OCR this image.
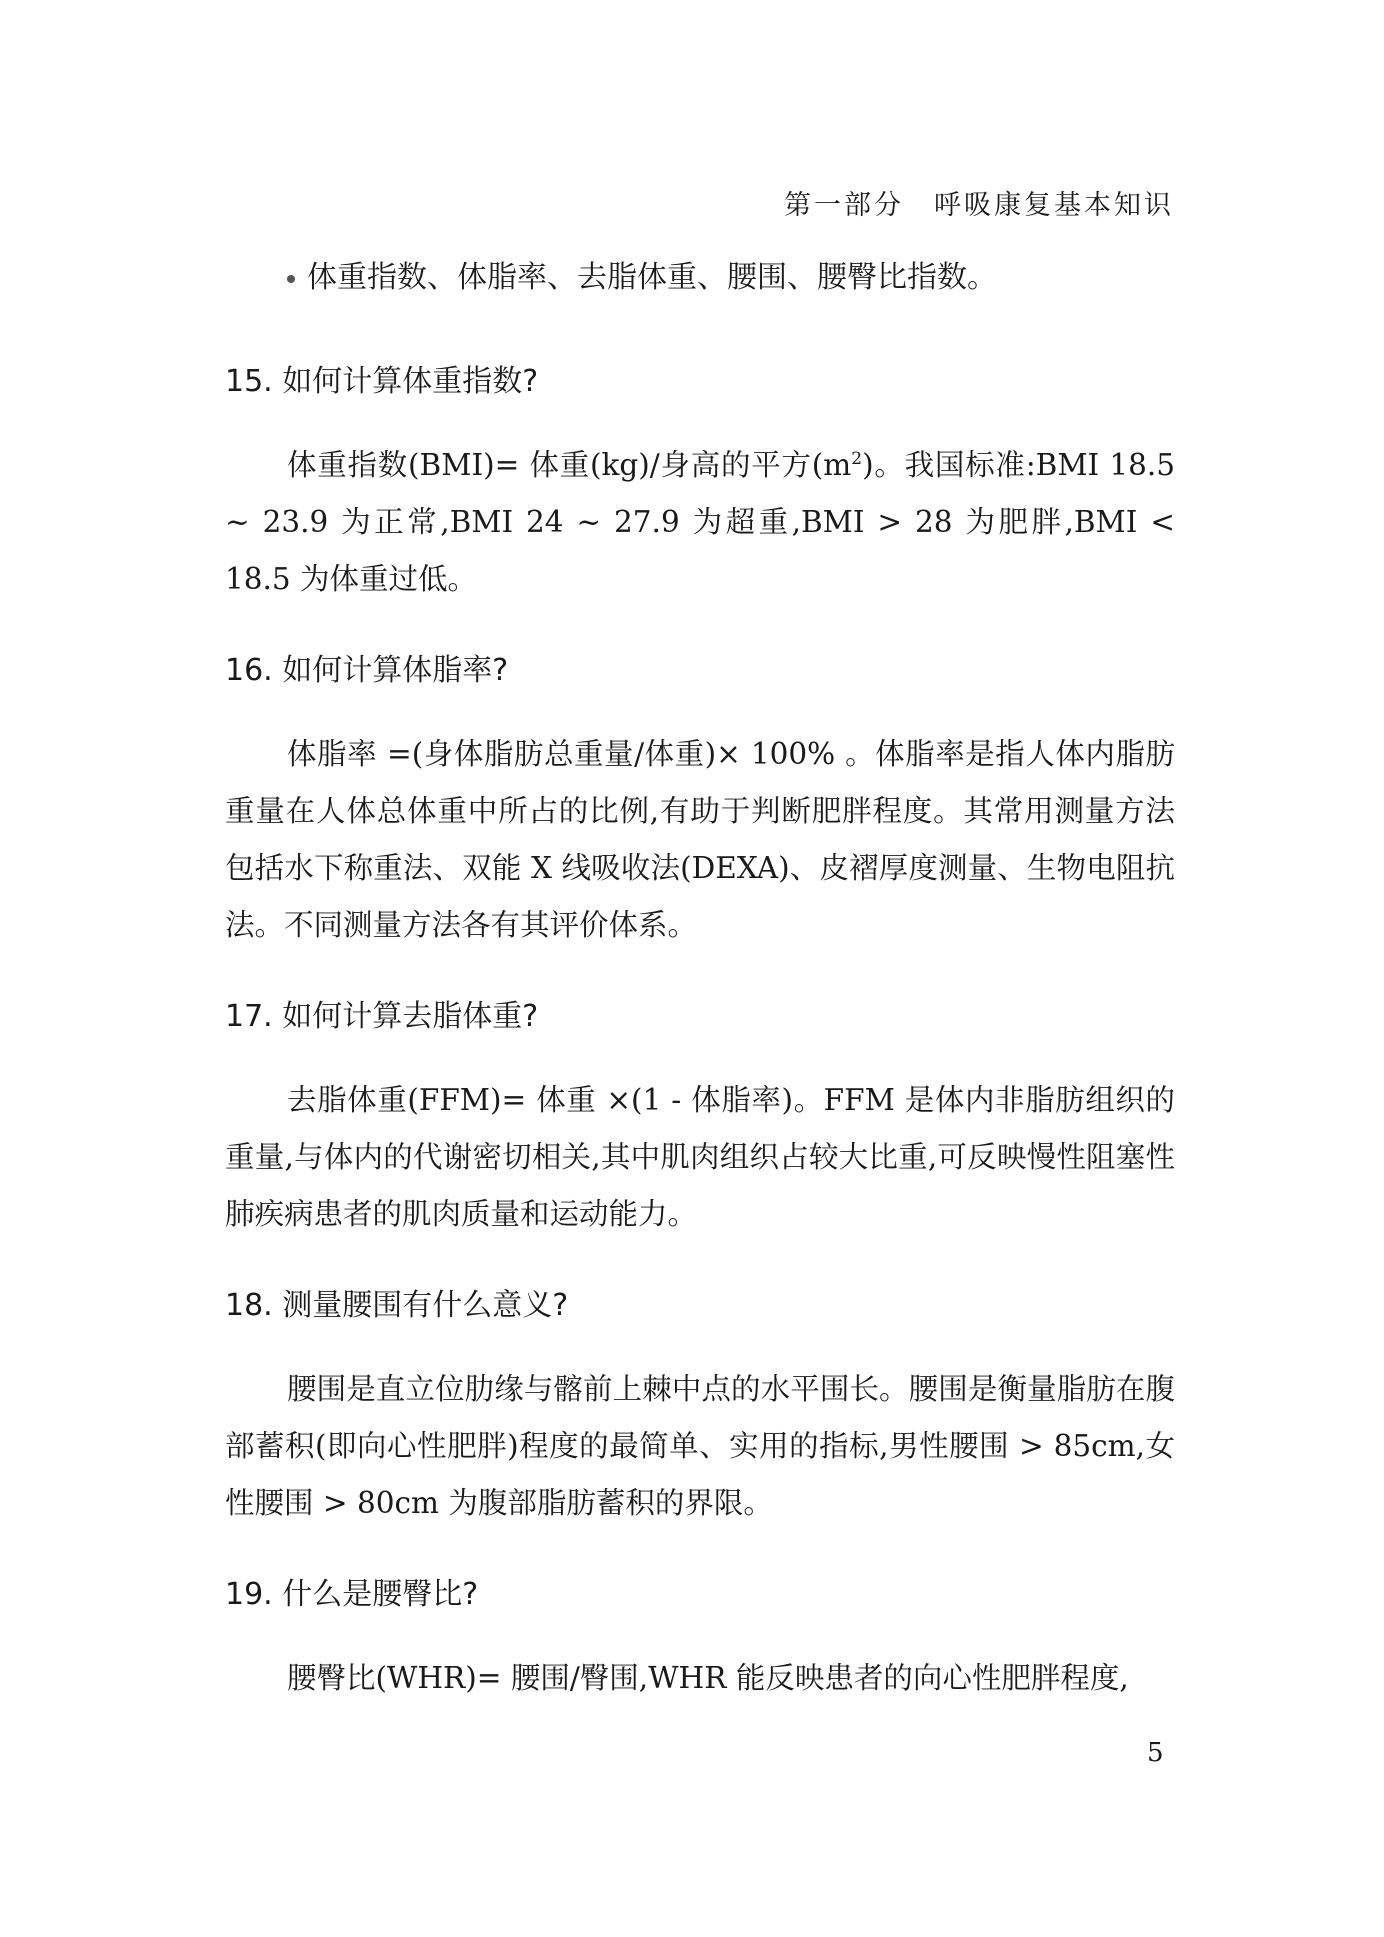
第一部分　呼吸康复基本知识
体重指数、体脂率、去脂体重、腰围、腰臀比指数。
15. 如何计算体重指数?

体重指数(BMI)= 体重(kg)/身高的平方$(m^2)$。我国标准:BMI 18.5 ~ 23.9 为正常,BMI 24 ~ 27.9 为超重,BMI > 28 为肥胖,BMI < 18.5 为体重过低。

16. 如何计算体脂率?

体脂率 =(身体脂肪总重量/体重)× 100% 。体脂率是指人体内脂肪重量在人体总体重中所占的比例,有助于判断肥胖程度。其常用测量方法包括水下称重法、双能 X 线吸收法(DEXA)、皮褶厚度测量、生物电阻抗法。不同测量方法各有其评价体系。

17. 如何计算去脂体重?

去脂体重(FFM)= 体重 ×(1 - 体脂率)。FFM 是体内非脂肪组织的重量,与体内的代谢密切相关,其中肌肉组织占较大比重,可反映慢性阻塞性肺疾病患者的肌肉质量和运动能力。

18. 测量腰围有什么意义?

腰围是直立位肋缘与髂前上棘中点的水平围长。腰围是衡量脂肪在腹部蓄积(即向心性肥胖)程度的最简单、实用的指标,男性腰围 > 85cm,女性腰围 > 80cm 为腹部脂肪蓄积的界限。

19. 什么是腰臀比?

腰臀比(WHR)= 腰围/臀围,WHR 能反映患者的向心性肥胖程度,

5
